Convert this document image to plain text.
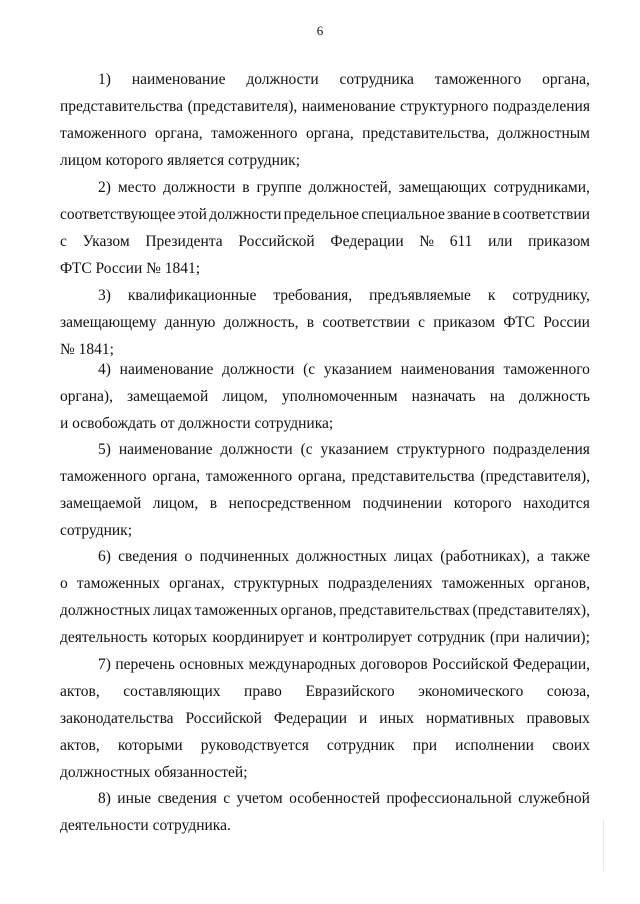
6
1) наименование должности сотрудника таможенного органа,
представительства (представителя), наименование структурного подразделения
таможенного органа, таможенного органа, представительства, должностным
лицом которого является сотрудник;
2) место должности в группе должностей, замещающих сотрудниками,
соответствующее этой должности предельное специальное звание в соответствии
с Указом Президента Российской Федерации № 611 или приказом
ФТС России № 1841;
3) квалификационные требования, предъявляемые к сотруднику,
замещающему данную должность, в соответствии с приказом ФТС России
№ 1841;
4) наименование должности (с указанием наименования таможенного
органа), замещаемой лицом, уполномоченным назначать на должность
и освобождать от должности сотрудника;
5) наименование должности (с указанием структурного подразделения
таможенного органа, таможенного органа, представительства (представителя),
замещаемой лицом, в непосредственном подчинении которого находится
сотрудник;
6) сведения о подчиненных должностных лицах (работниках), а также
о таможенных органах, структурных подразделениях таможенных органов,
должностных лицах таможенных органов, представительствах (представителях),
деятельность которых координирует и контролирует сотрудник (при наличии);
7) перечень основных международных договоров Российской Федерации,
актов, составляющих право Евразийского экономического союза,
законодательства Российской Федерации и иных нормативных правовых
актов, которыми руководствуется сотрудник при исполнении своих
должностных обязанностей;
8) иные сведения с учетом особенностей профессиональной служебной
деятельности сотрудника.
